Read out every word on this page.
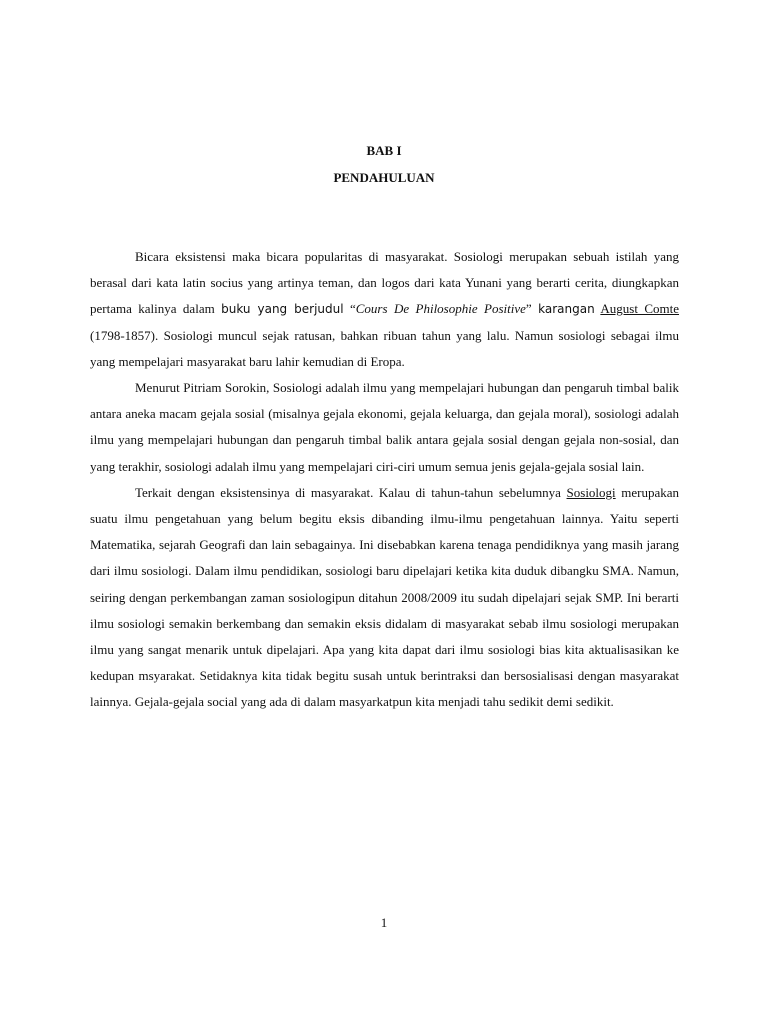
BAB I
PENDAHULUAN

Bicara eksistensi maka bicara popularitas di masyarakat. Sosiologi merupakan sebuah istilah yang berasal dari kata latin socius yang artinya teman, dan logos dari kata Yunani yang berarti cerita, diungkapkan pertama kalinya dalam buku yang berjudul “Cours De Philosophie Positive” karangan August Comte (1798-1857). Sosiologi muncul sejak ratusan, bahkan ribuan tahun yang lalu. Namun sosiologi sebagai ilmu yang mempelajari masyarakat baru lahir kemudian di Eropa.

Menurut Pitriam Sorokin, Sosiologi adalah ilmu yang mempelajari hubungan dan pengaruh timbal balik antara aneka macam gejala sosial (misalnya gejala ekonomi, gejala keluarga, dan gejala moral), sosiologi adalah ilmu yang mempelajari hubungan dan pengaruh timbal balik antara gejala sosial dengan gejala non-sosial, dan yang terakhir, sosiologi adalah ilmu yang mempelajari ciri-ciri umum semua jenis gejala-gejala sosial lain.

Terkait dengan eksistensinya di masyarakat. Kalau di tahun-tahun sebelumnya Sosiologi merupakan suatu ilmu pengetahuan yang belum begitu eksis dibanding ilmu-ilmu pengetahuan lainnya. Yaitu seperti Matematika, sejarah Geografi dan lain sebagainya. Ini disebabkan karena tenaga pendidiknya yang masih jarang dari ilmu sosiologi. Dalam ilmu pendidikan, sosiologi baru dipelajari ketika kita duduk dibangku SMA. Namun, seiring dengan perkembangan zaman sosiologipun ditahun 2008/2009 itu sudah dipelajari sejak SMP. Ini berarti ilmu sosiologi semakin berkembang dan semakin eksis didalam di masyarakat sebab ilmu sosiologi merupakan ilmu yang sangat menarik untuk dipelajari. Apa yang kita dapat dari ilmu sosiologi bias kita aktualisasikan ke kedupan msyarakat. Setidaknya kita tidak begitu susah untuk berintraksi dan bersosialisasi dengan masyarakat lainnya. Gejala-gejala social yang ada di dalam masyarkatpun kita menjadi tahu sedikit demi sedikit.

1
